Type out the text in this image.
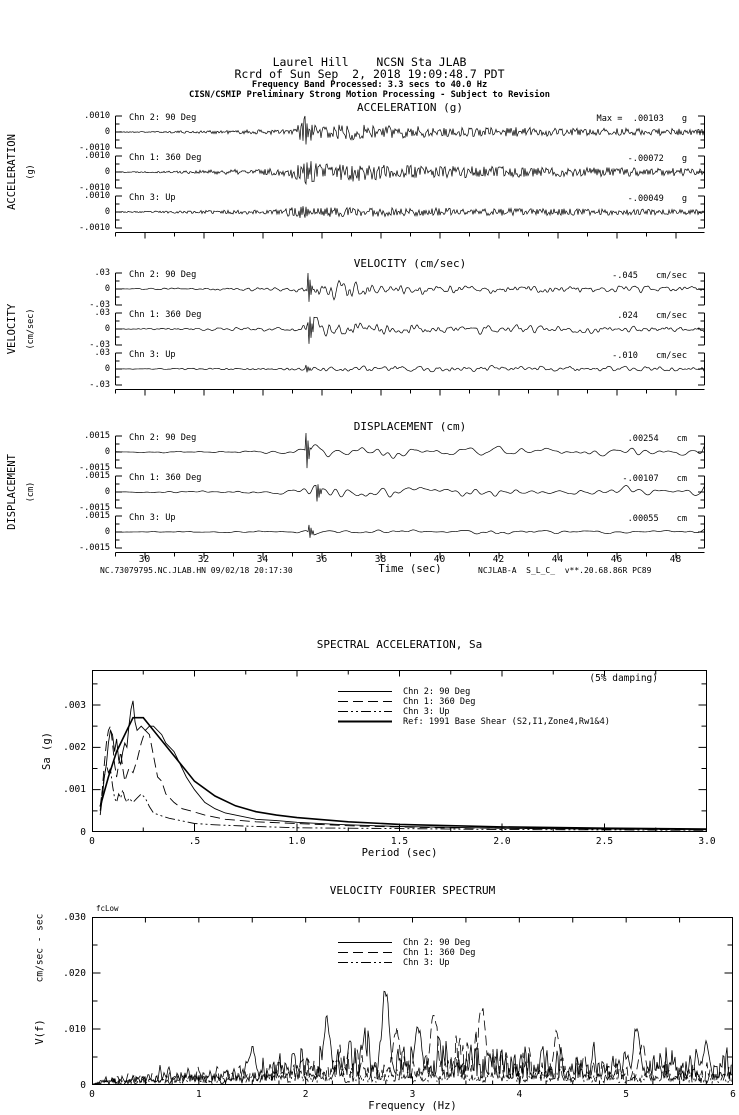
Laurel Hill    NCSN Sta JLAB
Rcrd of Sun Sep  2, 2018 19:09:48.7 PDT
Frequency Band Processed: 3.3 secs to 40.0 Hz
CISN/CSMIP Preliminary Strong Motion Processing - Subject to Revision
ACCELERATION (g)
ACCELERATION (g)
.0010
0
-.0010
Chn 2: 90 Deg	Max =  .00103 g
.0010
0
-.0010
Chn 1: 360 Deg	-.00072 g
.0010
0
-.0010
Chn 3: Up	-.00049 g
VELOCITY (cm/sec)
VELOCITY (cm/sec)
.03
0
-.03
Chn 2: 90 Deg	-.045 cm/sec
.03
0
-.03
Chn 1: 360 Deg	.024 cm/sec
.03
0
-.03
Chn 3: Up	-.010 cm/sec
DISPLACEMENT (cm)
DISPLACEMENT (cm)
.0015
0
-.0015
Chn 2: 90 Deg	.00254 cm
.0015
0
-.0015
Chn 1: 360 Deg	-.00107 cm
.0015
0
-.0015
Chn 3: Up	.00055 cm
30	32	34	36	38	40	42	44	46	48
NC.73079795.NC.JLAB.HN 09/02/18 20:17:30	Time (sec)	NCJLAB-A  S_L_C_  v**.20.68.86R PC89
SPECTRAL ACCELERATION, Sa
0
.001
.002
.003
0	.5	1.0	1.5	2.0	2.5	3.0
Sa (g)
Period (sec)
(5% damping)
Chn 2: 90 Deg
Chn 1: 360 Deg
Chn 3: Up
Ref: 1991 Base Shear (S2,I1,Zone4,Rw1&4)
VELOCITY FOURIER SPECTRUM
0
.010
.020
.030
0	1	2	3	4	5	6
cm/sec - sec
V(f)
Frequency (Hz)
fcLow
Chn 2: 90 Deg
Chn 1: 360 Deg
Chn 3: Up
